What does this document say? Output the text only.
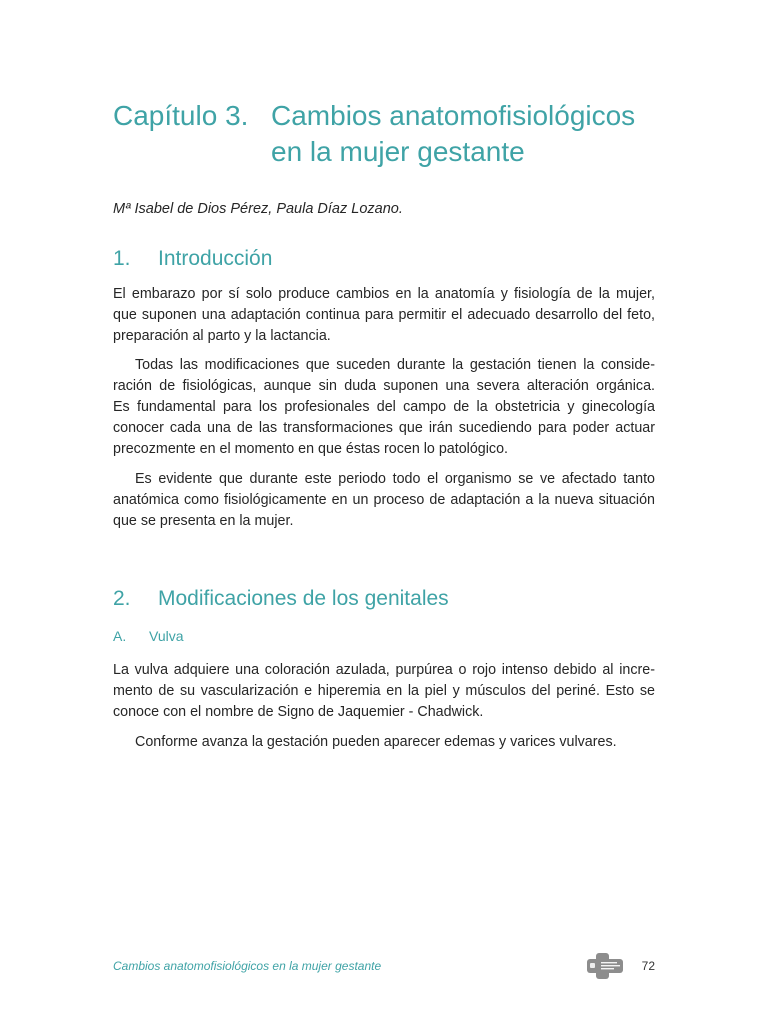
Capítulo 3. Cambios anatomofisiológicos
en la mujer gestante
Mª Isabel de Dios Pérez, Paula Díaz Lozano.
1.	Introducción
El embarazo por sí solo produce cambios en la anatomía y fisiología de la mujer,
que suponen una adaptación continua para permitir el adecuado desarrollo del feto,
preparación al parto y la lactancia.
Todas las modificaciones que suceden durante la gestación tienen la conside-
ración de fisiológicas, aunque sin duda suponen una severa alteración orgánica.
Es fundamental para los profesionales del campo de la obstetricia y ginecología
conocer cada una de las transformaciones que irán sucediendo para poder actuar
precozmente en el momento en que éstas rocen lo patológico.
Es evidente que durante este periodo todo el organismo se ve afectado tanto
anatómica como fisiológicamente en un proceso de adaptación a la nueva situación
que se presenta en la mujer.
2.	Modificaciones de los genitales
A.	Vulva
La vulva adquiere una coloración azulada, purpúrea o rojo intenso debido al incre-
mento de su vascularización e hiperemia en la piel y músculos del periné. Esto se
conoce con el nombre de Signo de Jaquemier - Chadwick.
Conforme avanza la gestación pueden aparecer edemas y varices vulvares.
Cambios anatomofisiológicos en la mujer gestante	72
